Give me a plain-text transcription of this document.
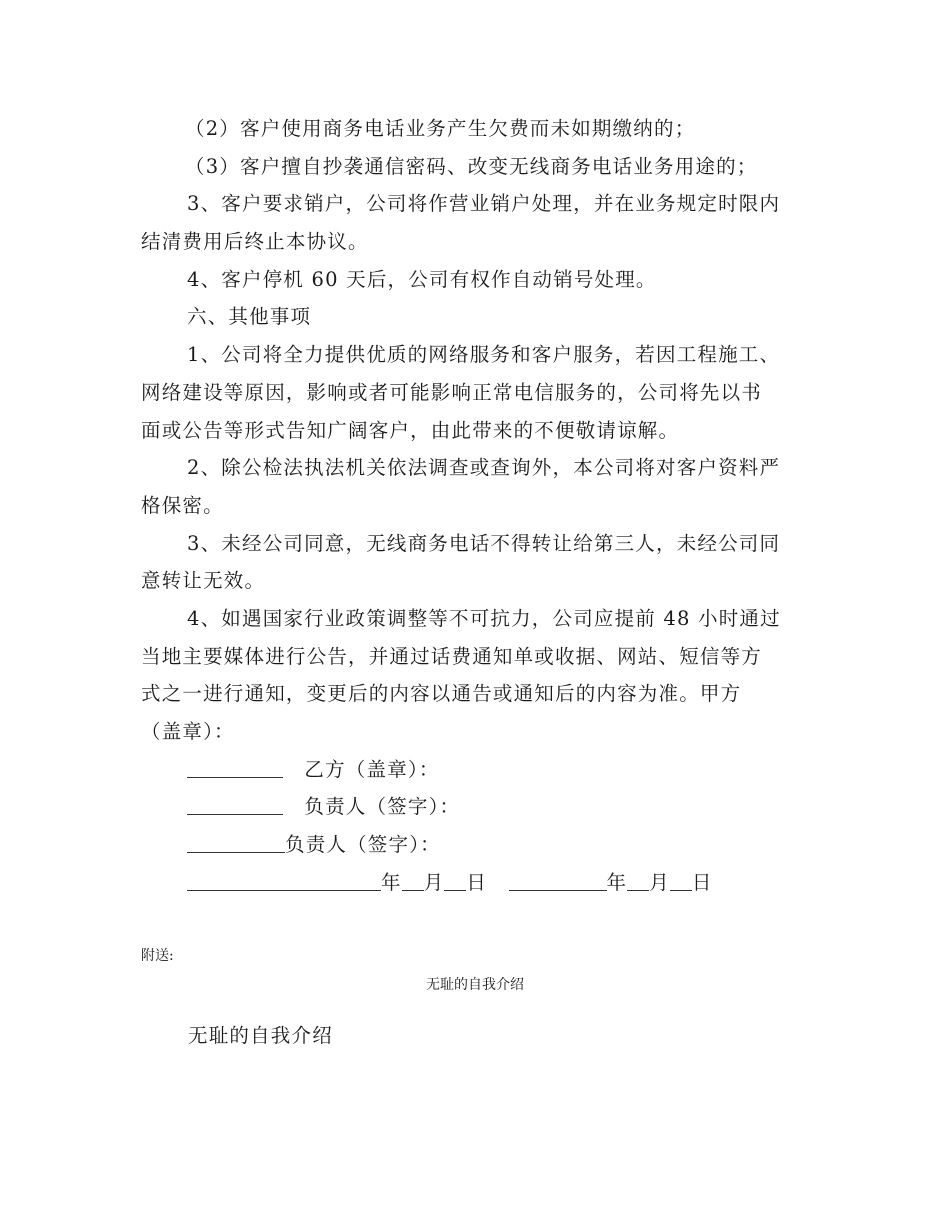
（2）客户使用商务电话业务产生欠费而未如期缴纳的；
（3）客户擅自抄袭通信密码、改变无线商务电话业务用途的；
3、客户要求销户，公司将作营业销户处理，并在业务规定时限内
结清费用后终止本协议。
4、客户停机 60 天后，公司有权作自动销号处理。
六、其他事项
1、公司将全力提供优质的网络服务和客户服务，若因工程施工、
网络建设等原因，影响或者可能影响正常电信服务的，公司将先以书
面或公告等形式告知广阔客户，由此带来的不便敬请谅解。
2、除公检法执法机关依法调查或查询外，本公司将对客户资料严
格保密。
3、未经公司同意，无线商务电话不得转让给第三人，未经公司同
意转让无效。
4、如遇国家行业政策调整等不可抗力，公司应提前 48 小时通过
当地主要媒体进行公告，并通过话费通知单或收据、网站、短信等方
式之一进行通知，变更后的内容以通告或通知后的内容为准。甲方
（盖章）：
乙方（盖章）：
负责人（签字）：
负责人（签字）：
年 月 日	年 月 日
附送:
无耻的自我介绍
无耻的自我介绍
